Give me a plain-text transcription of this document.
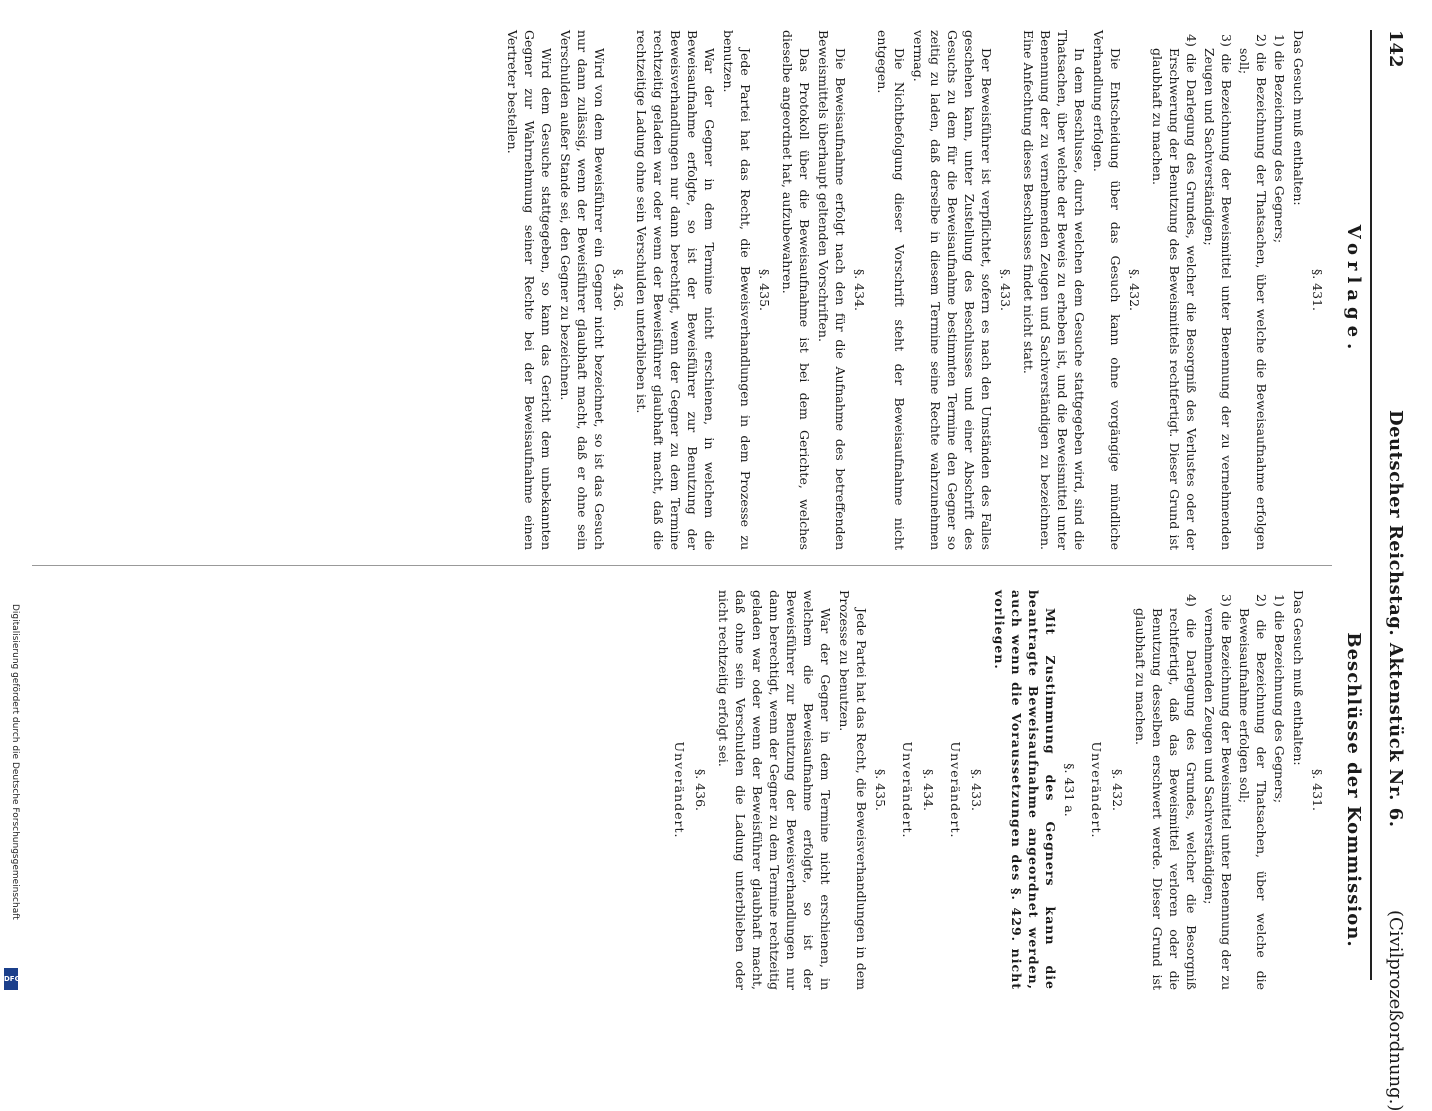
142
Deutscher Reichstag. Aktenstück Nr. 6.
(Civilprozeßordnung.)
Vorlage.
Beschlüsse der Kommission.
§. 431.

Das Gesuch muß enthalten:

1) die Bezeichnung des Gegners;
2) die Bezeichnung der Thatsachen, über welche die Beweisaufnahme erfolgen soll;
3) die Bezeichnung der Beweismittel unter Benennung der zu vernehmenden Zeugen und Sachverständigen;
4) die Darlegung des Grundes, welcher die Besorgniß des Verlustes oder der Erschwerung der Benutzung des Beweismittels rechtfertigt. Dieser Grund ist glaubhaft zu machen.
§. 432.

Die Entscheidung über das Gesuch kann ohne vorgängige mündliche Verhandlung erfolgen.

In dem Beschlusse, durch welchen dem Gesuche stattgegeben wird, sind die Thatsachen, über welche der Beweis zu erheben ist, und die Beweismittel unter Benennung der zu vernehmenden Zeugen und Sachverständigen zu bezeichnen. Eine Anfechtung dieses Beschlusses findet nicht statt.

§. 433.

Der Beweisführer ist verpflichtet, sofern es nach den Umständen des Falles geschehen kann, unter Zustellung des Beschlusses und einer Abschrift des Gesuchs zu dem für die Beweisaufnahme bestimmten Termine den Gegner so zeitig zu laden, daß derselbe in diesem Termine seine Rechte wahrzunehmen vermag.

Die Nichtbefolgung dieser Vorschrift steht der Beweisaufnahme nicht entgegen.

§. 434.

Die Beweisaufnahme erfolgt nach den für die Aufnahme des betreffenden Beweismittels überhaupt geltenden Vorschriften.

Das Protokoll über die Beweisaufnahme ist bei dem Gerichte, welches dieselbe angeordnet hat, aufzubewahren.

§. 435.

Jede Partei hat das Recht, die Beweisverhandlungen in dem Prozesse zu benutzen.

War der Gegner in dem Termine nicht erschienen, in welchem die Beweisaufnahme erfolgte, so ist der Beweisführer zur Benutzung der Beweisverhandlungen nur dann berechtigt, wenn der Gegner zu dem Termine rechtzeitig geladen war oder wenn der Beweisführer glaubhaft macht, daß die rechtzeitige Ladung ohne sein Verschulden unterblieben ist.

§. 436.

Wird von dem Beweisführer ein Gegner nicht bezeichnet, so ist das Gesuch nur dann zulässig, wenn der Beweisführer glaubhaft macht, daß er ohne sein Verschulden außer Stande sei, den Gegner zu bezeichnen.

Wird dem Gesuche stattgegeben, so kann das Gericht dem unbekannten Gegner zur Wahrnehmung seiner Rechte bei der Beweisaufnahme einen Vertreter bestellen.

§. 431.

Das Gesuch muß enthalten:

1) die Bezeichnung des Gegners;
2) die Bezeichnung der Thatsachen, über welche die Beweisaufnahme erfolgen soll;
3) die Bezeichnung der Beweismittel unter Benennung der zu vernehmenden Zeugen und Sachverständigen;
4) die Darlegung des Grundes, welcher die Besorgniß rechtfertigt, daß das Beweismittel verloren oder die Benutzung desselben erschwert werde. Dieser Grund ist glaubhaft zu machen.
§. 432.
Unverändert.
§. 431 a.

Mit Zustimmung des Gegners kann die beantragte Beweisaufnahme angeordnet werden, auch wenn die Voraussetzungen des §. 429. nicht vorliegen.

§. 433.
Unverändert.
§. 434.
Unverändert.
§. 435.

Jede Partei hat das Recht, die Beweisverhandlungen in dem Prozesse zu benutzen.

War der Gegner in dem Termine nicht erschienen, in welchem die Beweisaufnahme erfolgte, so ist der Beweisführer zur Benutzung der Beweisverhandlungen nur dann berechtigt, wenn der Gegner zu dem Termine rechtzeitig geladen war oder wenn der Beweisführer glaubhaft macht, daß ohne sein Verschulden die Ladung unterblieben oder nicht rechtzeitig erfolgt sei.

§. 436.
Unverändert.
Digitalisierung gefördert durch die Deutsche Forschungsgemeinschaft
DFG
